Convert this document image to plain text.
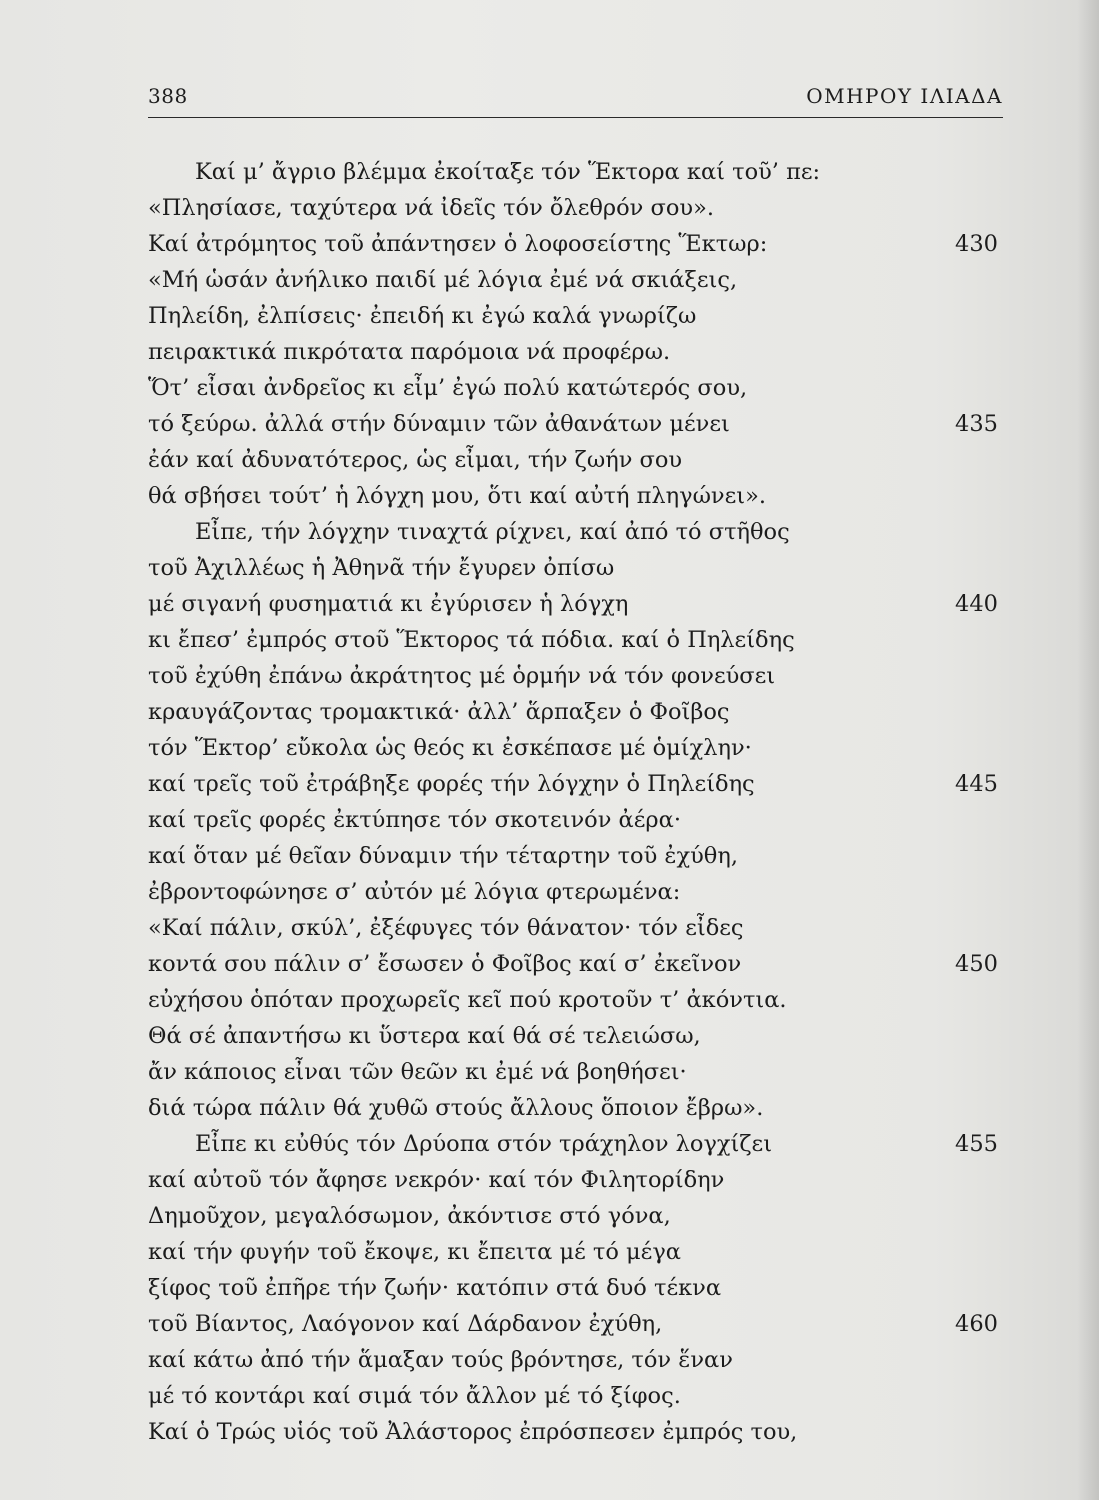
388	ΟΜΗΡΟΥ ΙΛΙΑΔΑ
Καί μ’ ἄγριο βλέμμα ἐκοίταξε τόν Ἕκτορα καί τοῦ’ πε:
«Πλησίασε, ταχύτερα νά ἰδεῖς τόν ὄλεθρόν σου».
Καί ἀτρόμητος τοῦ ἀπάντησεν ὁ λοφοσείστης Ἕκτωρ:	430
«Μή ὡσάν ἀνήλικο παιδί μέ λόγια ἐμέ νά σκιάξεις,
Πηλείδη, ἐλπίσεις· ἐπειδή κι ἐγώ καλά γνωρίζω
πειρακτικά πικρότατα παρόμοια νά προφέρω.
Ὅτ’ εἶσαι ἀνδρεῖος κι εἶμ’ ἐγώ πολύ κατώτερός σου,
τό ξεύρω. ἀλλά στήν δύναμιν τῶν ἀθανάτων μένει	435
ἐάν καί ἀδυνατότερος, ὡς εἶμαι, τήν ζωήν σου
θά σβήσει τούτ’ ἡ λόγχη μου, ὅτι καί αὐτή πληγώνει».
Εἶπε, τήν λόγχην τιναχτά ρίχνει, καί ἀπό τό στῆθος
τοῦ Ἀχιλλέως ἡ Ἀθηνᾶ τήν ἔγυρεν ὀπίσω
μέ σιγανή φυσηματιά κι ἐγύρισεν ἡ λόγχη	440
κι ἔπεσ’ ἐμπρός στοῦ Ἕκτορος τά πόδια. καί ὁ Πηλείδης
τοῦ ἐχύθη ἐπάνω ἀκράτητος μέ ὁρμήν νά τόν φονεύσει
κραυγάζοντας τρομακτικά· ἀλλ’ ἅρπαξεν ὁ Φοῖβος
τόν Ἕκτορ’ εὔκολα ὡς θεός κι ἐσκέπασε μέ ὁμίχλην·
καί τρεῖς τοῦ ἐτράβηξε φορές τήν λόγχην ὁ Πηλείδης	445
καί τρεῖς φορές ἐκτύπησε τόν σκοτεινόν ἀέρα·
καί ὅταν μέ θεῖαν δύναμιν τήν τέταρτην τοῦ ἐχύθη,
ἐβροντοφώνησε σ’ αὐτόν μέ λόγια φτερωμένα:
«Καί πάλιν, σκύλ’, ἐξέφυγες τόν θάνατον· τόν εἶδες
κοντά σου πάλιν σ’ ἔσωσεν ὁ Φοῖβος καί σ’ ἐκεῖνον	450
εὐχήσου ὁπόταν προχωρεῖς κεῖ πού κροτοῦν τ’ ἀκόντια.
Θά σέ ἀπαντήσω κι ὕστερα καί θά σέ τελειώσω,
ἄν κάποιος εἶναι τῶν θεῶν κι ἐμέ νά βοηθήσει·
διά τώρα πάλιν θά χυθῶ στούς ἄλλους ὅποιον ἔβρω».
Εἶπε κι εὐθύς τόν Δρύοπα στόν τράχηλον λογχίζει	455
καί αὐτοῦ τόν ἄφησε νεκρόν· καί τόν Φιλητορίδην
Δημοῦχον, μεγαλόσωμον, ἀκόντισε στό γόνα,
καί τήν φυγήν τοῦ ἔκοψε, κι ἔπειτα μέ τό μέγα
ξίφος τοῦ ἐπῆρε τήν ζωήν· κατόπιν στά δυό τέκνα
τοῦ Βίαντος, Λαόγονον καί Δάρδανον ἐχύθη,	460
καί κάτω ἀπό τήν ἅμαξαν τούς βρόντησε, τόν ἕναν
μέ τό κοντάρι καί σιμά τόν ἄλλον μέ τό ξίφος.
Καί ὁ Τρώς υἱός τοῦ Ἀλάστορος ἐπρόσπεσεν ἐμπρός του,
